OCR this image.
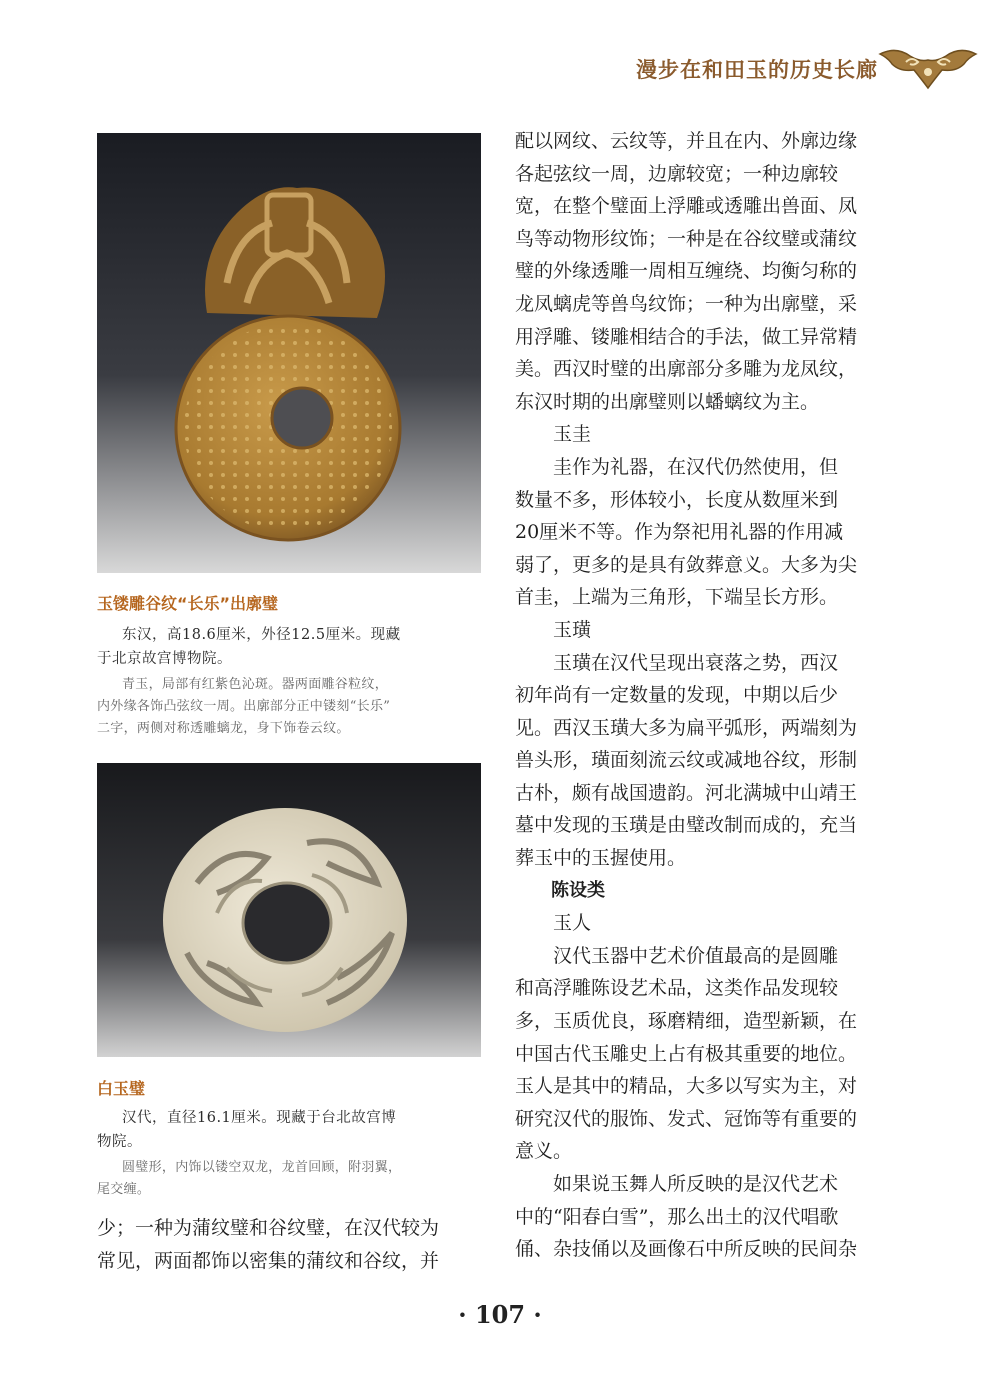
漫步在和田玉的历史长廊
玉镂雕谷纹“长乐”出廓璧
东汉，高18.6厘米，外径12.5厘米。现藏
于北京故宫博物院。
青玉，局部有红紫色沁斑。器两面雕谷粒纹，
内外缘各饰凸弦纹一周。出廓部分正中镂刻“长乐”
二字，两侧对称透雕螭龙，身下饰卷云纹。
白玉璧
汉代，直径16.1厘米。现藏于台北故宫博
物院。
圆璧形，内饰以镂空双龙，龙首回顾，附羽翼，
尾交缠。
少；一种为蒲纹璧和谷纹璧，在汉代较为
常见，两面都饰以密集的蒲纹和谷纹，并
配以网纹、云纹等，并且在内、外廓边缘
各起弦纹一周，边廓较宽；一种边廓较
宽，在整个璧面上浮雕或透雕出兽面、凤
鸟等动物形纹饰；一种是在谷纹璧或蒲纹
璧的外缘透雕一周相互缠绕、均衡匀称的
龙凤螭虎等兽鸟纹饰；一种为出廓璧，采
用浮雕、镂雕相结合的手法，做工异常精
美。西汉时璧的出廓部分多雕为龙凤纹，
东汉时期的出廓璧则以蟠螭纹为主。
玉圭
圭作为礼器，在汉代仍然使用，但
数量不多，形体较小，长度从数厘米到
20厘米不等。作为祭祀用礼器的作用减
弱了，更多的是具有敛葬意义。大多为尖
首圭，上端为三角形，下端呈长方形。
玉璜
玉璜在汉代呈现出衰落之势，西汉
初年尚有一定数量的发现，中期以后少
见。西汉玉璜大多为扁平弧形，两端刻为
兽头形，璜面刻流云纹或减地谷纹，形制
古朴，颇有战国遗韵。河北满城中山靖王
墓中发现的玉璜是由璧改制而成的，充当
葬玉中的玉握使用。
陈设类
玉人
汉代玉器中艺术价值最高的是圆雕
和高浮雕陈设艺术品，这类作品发现较
多，玉质优良，琢磨精细，造型新颖，在
中国古代玉雕史上占有极其重要的地位。
玉人是其中的精品，大多以写实为主，对
研究汉代的服饰、发式、冠饰等有重要的
意义。
如果说玉舞人所反映的是汉代艺术
中的“阳春白雪”，那么出土的汉代唱歌
俑、杂技俑以及画像石中所反映的民间杂
· 107 ·
